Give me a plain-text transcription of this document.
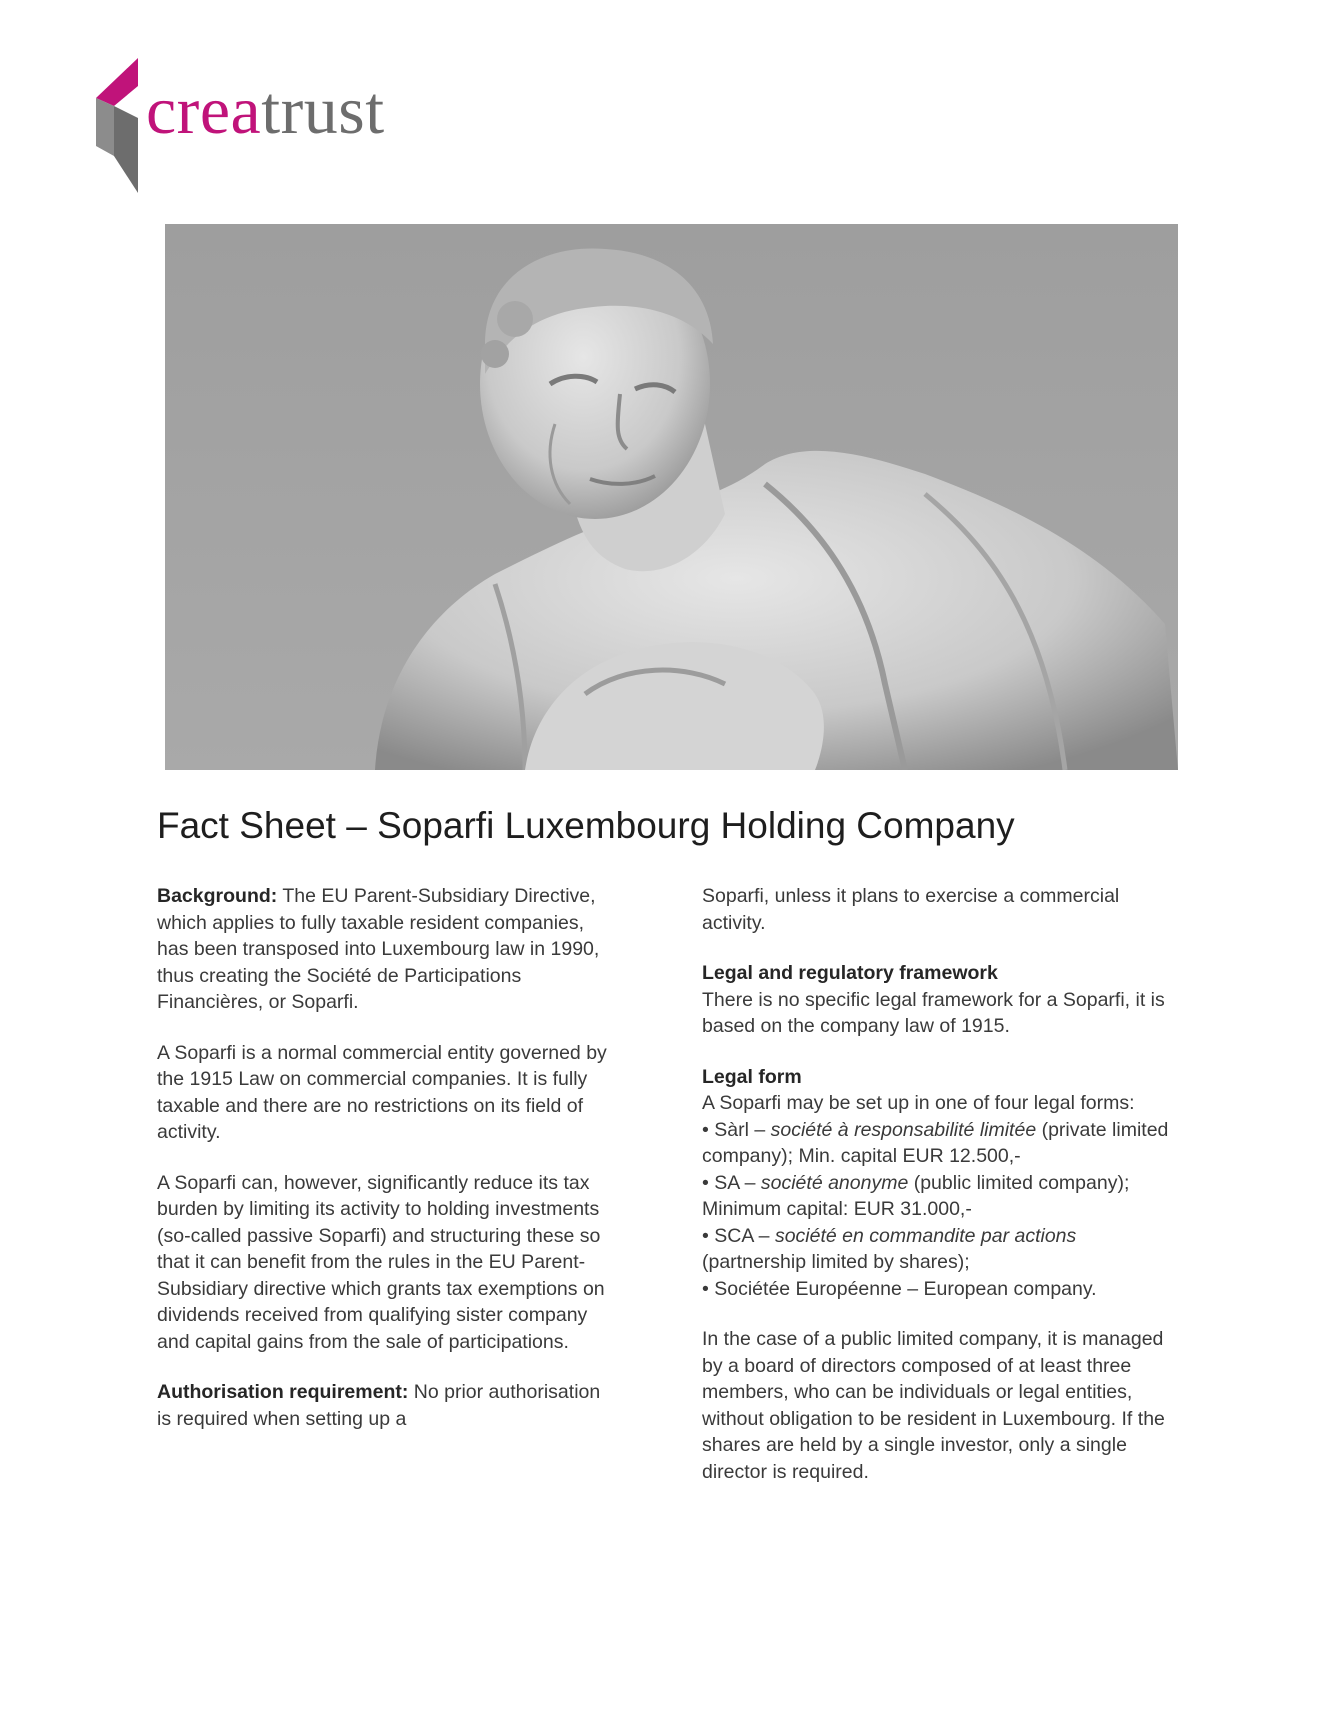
creatrust
Fact Sheet – Soparfi Luxembourg Holding Company

Background: The EU Parent-Subsidiary Directive, which applies to fully taxable resident companies, has been transposed into Luxembourg law in 1990, thus creating the Société de Participations Financières, or Soparfi.

A Soparfi is a normal commercial entity governed by the 1915 Law on commercial companies. It is fully taxable and there are no restrictions on its field of activity.

A Soparfi can, however, significantly reduce its tax burden by limiting its activity to holding investments (so-called passive Soparfi) and structuring these so that it can benefit from the rules in the EU Parent-Subsidiary directive which grants tax exemptions on dividends received from qualifying sister company and capital gains from the sale of participations.

Authorisation requirement: No prior authorisation is required when setting up a

Soparfi, unless it plans to exercise a commercial activity.

Legal and regulatory framework
There is no specific legal framework for a Soparfi, it is based on the company law of 1915.
Legal form
A Soparfi may be set up in one of four legal forms:
• Sàrl – société à responsabilité limitée (private limited company); Min. capital EUR 12.500,-
• SA – société anonyme (public limited company); Minimum capital: EUR 31.000,-
• SCA – société en commandite par actions (partnership limited by shares);
• Sociétée Européenne – European company.

In the case of a public limited company, it is managed by a board of directors composed of at least three members, who can be individuals or legal entities, without obligation to be resident in Luxembourg. If the shares are held by a single investor, only a single director is required.
